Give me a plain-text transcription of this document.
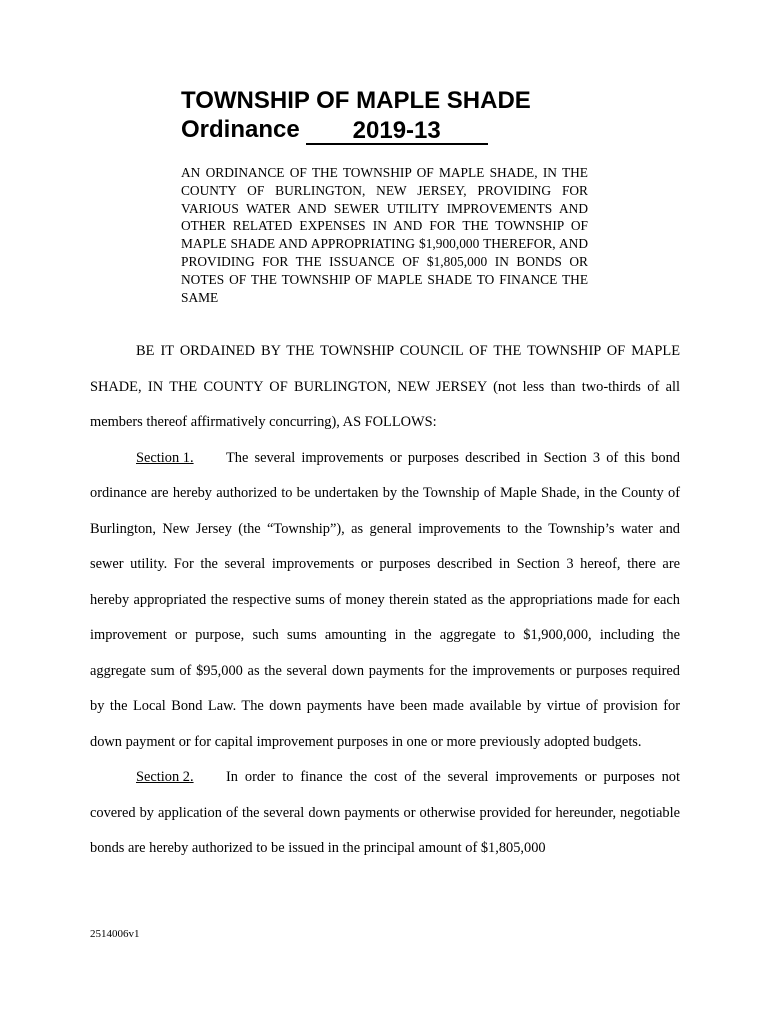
TOWNSHIP OF MAPLE SHADE
Ordinance 2019-13

AN ORDINANCE OF THE TOWNSHIP OF MAPLE SHADE, IN THE COUNTY OF BURLINGTON, NEW JERSEY, PROVIDING FOR VARIOUS WATER AND SEWER UTILITY IMPROVEMENTS AND OTHER RELATED EXPENSES IN AND FOR THE TOWNSHIP OF MAPLE SHADE AND APPROPRIATING $1,900,000 THEREFOR, AND PROVIDING FOR THE ISSUANCE OF $1,805,000 IN BONDS OR NOTES OF THE TOWNSHIP OF MAPLE SHADE TO FINANCE THE SAME

BE IT ORDAINED BY THE TOWNSHIP COUNCIL OF THE TOWNSHIP OF MAPLE SHADE, IN THE COUNTY OF BURLINGTON, NEW JERSEY (not less than two-thirds of all members thereof affirmatively concurring), AS FOLLOWS:

Section 1. The several improvements or purposes described in Section 3 of this bond ordinance are hereby authorized to be undertaken by the Township of Maple Shade, in the County of Burlington, New Jersey (the “Township”), as general improvements to the Township’s water and sewer utility. For the several improvements or purposes described in Section 3 hereof, there are hereby appropriated the respective sums of money therein stated as the appropriations made for each improvement or purpose, such sums amounting in the aggregate to $1,900,000, including the aggregate sum of $95,000 as the several down payments for the improvements or purposes required by the Local Bond Law. The down payments have been made available by virtue of provision for down payment or for capital improvement purposes in one or more previously adopted budgets.

Section 2. In order to finance the cost of the several improvements or purposes not covered by application of the several down payments or otherwise provided for hereunder, negotiable bonds are hereby authorized to be issued in the principal amount of $1,805,000

2514006v1
